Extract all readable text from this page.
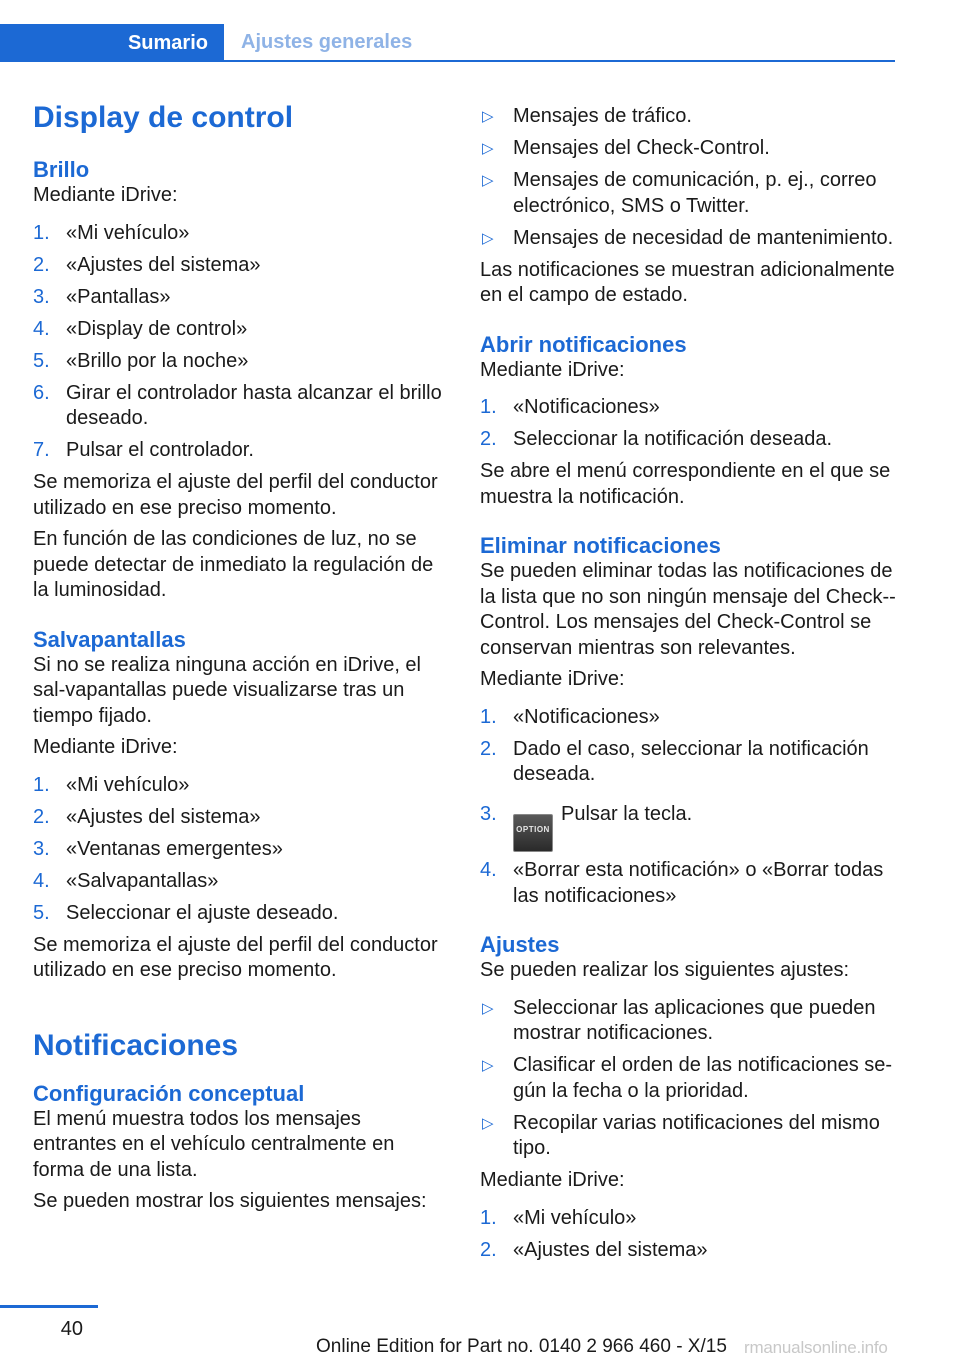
Sumario	Ajustes generales
Display de control
Brillo

Mediante iDrive:

1. «Mi vehículo»
2. «Ajustes del sistema»
3. «Pantallas»
4. «Display de control»
5. «Brillo por la noche»
6. Girar el controlador hasta alcanzar el brillo deseado.
7. Pulsar el controlador.

Se memoriza el ajuste del perfil del conductor utilizado en ese preciso momento.

En función de las condiciones de luz, no se puede detectar de inmediato la regulación de la luminosidad.

Salvapantallas

Si no se realiza ninguna acción en iDrive, el sal‐vapantallas puede visualizarse tras un tiempo fijado.

Mediante iDrive:

1. «Mi vehículo»
2. «Ajustes del sistema»
3. «Ventanas emergentes»
4. «Salvapantallas»
5. Seleccionar el ajuste deseado.

Se memoriza el ajuste del perfil del conductor utilizado en ese preciso momento.

Notificaciones
Configuración conceptual

El menú muestra todos los mensajes entrantes en el vehículo centralmente en forma de una lista.

Se pueden mostrar los siguientes mensajes:

▷ Mensajes de tráfico.
▷ Mensajes del Check-Control.
▷ Mensajes de comunicación, p. ej., correo electrónico, SMS o Twitter.
▷ Mensajes de necesidad de mantenimiento.

Las notificaciones se muestran adicionalmente en el campo de estado.

Abrir notificaciones

Mediante iDrive:

1. «Notificaciones»
2. Seleccionar la notificación deseada.

Se abre el menú correspondiente en el que se muestra la notificación.

Eliminar notificaciones

Se pueden eliminar todas las notificaciones de la lista que no son ningún mensaje del Check‐-Control. Los mensajes del Check-Control se conservan mientras son relevantes.

Mediante iDrive:

1. «Notificaciones»
2. Dado el caso, seleccionar la notificación deseada.
3.
OPTIONPulsar la tecla.
4. «Borrar esta notificación» o «Borrar todas las notificaciones»
Ajustes

Se pueden realizar los siguientes ajustes:

▷ Seleccionar las aplicaciones que pueden mostrar notificaciones.
▷ Clasificar el orden de las notificaciones se‐gún la fecha o la prioridad.
▷ Recopilar varias notificaciones del mismo tipo.

Mediante iDrive:

1. «Mi vehículo»
2. «Ajustes del sistema»
40
Online Edition for Part no. 0140 2 966 460 - X/15 rmanualsonline.info
